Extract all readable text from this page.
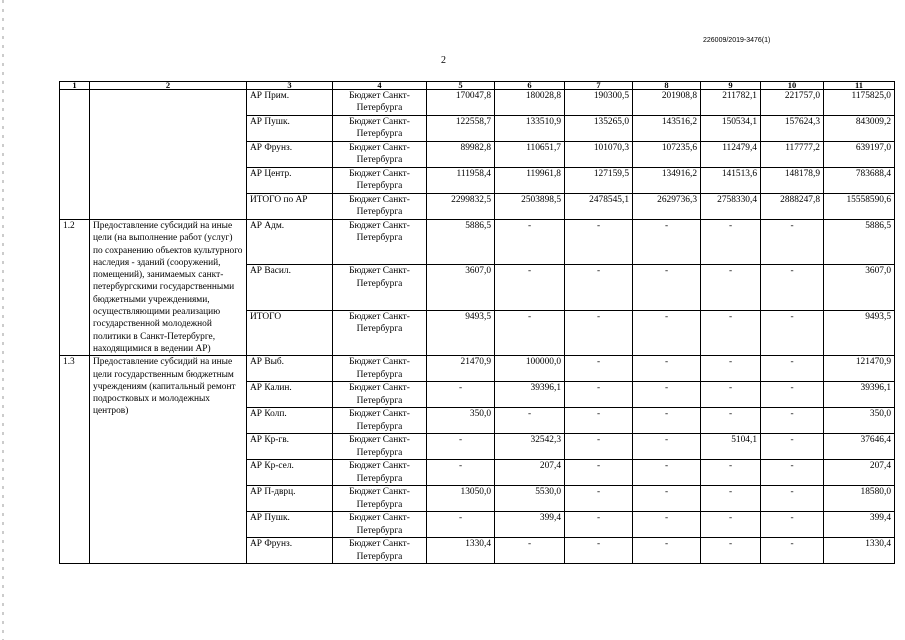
226009/2019-3476(1)
2
1	2	3	4	5	6	7	8	9	10	11
		АР Прим.	Бюджет Санкт-Петербурга	170047,8	180028,8	190300,5	201908,8	211782,1	221757,0	1175825,0
		АР Пушк.	Бюджет Санкт-Петербурга	122558,7	133510,9	135265,0	143516,2	150534,1	157624,3	843009,2
		АР Фрунз.	Бюджет Санкт-Петербурга	89982,8	110651,7	101070,3	107235,6	112479,4	117777,2	639197,0
		АР Центр.	Бюджет Санкт-Петербурга	111958,4	119961,8	127159,5	134916,2	141513,6	148178,9	783688,4
		ИТОГО по АР	Бюджет Санкт-Петербурга	2299832,5	2503898,5	2478545,1	2629736,3	2758330,4	2888247,8	15558590,6
1.2	Предоставление субсидий на иные цели (на выполнение работ (услуг) по сохранению объектов культурного наследия - зданий (сооружений, помещений), занимаемых санкт-петербургскими государственными бюджетными учреждениями, осуществляющими реализацию государственной молодежной политики в Санкт-Петербурге, находящимися в ведении АР)	АР Адм.	Бюджет Санкт-Петербурга	5886,5	-	-	-	-	-	5886,5
		АР Васил.	Бюджет Санкт-Петербурга	3607,0	-	-	-	-	-	3607,0
		ИТОГО	Бюджет Санкт-Петербурга	9493,5	-	-	-	-	-	9493,5
1.3	Предоставление субсидий на иные цели государственным бюджетным учреждениям (капитальный ремонт подростковых и молодежных центров)	АР Выб.	Бюджет Санкт-Петербурга	21470,9	100000,0	-	-	-	-	121470,9
		АР Калин.	Бюджет Санкт-Петербурга	-	39396,1	-	-	-	-	39396,1
		АР Колп.	Бюджет Санкт-Петербурга	350,0	-	-	-	-	-	350,0
		АР Кр-гв.	Бюджет Санкт-Петербурга	-	32542,3	-	-	5104,1	-	37646,4
		АР Кр-сел.	Бюджет Санкт-Петербурга	-	207,4	-	-	-	-	207,4
		АР П-дврц.	Бюджет Санкт-Петербурга	13050,0	5530,0	-	-	-	-	18580,0
		АР Пушк.	Бюджет Санкт-Петербурга	-	399,4	-	-	-	-	399,4
		АР Фрунз.	Бюджет Санкт-Петербурга	1330,4	-	-	-	-	-	1330,4
